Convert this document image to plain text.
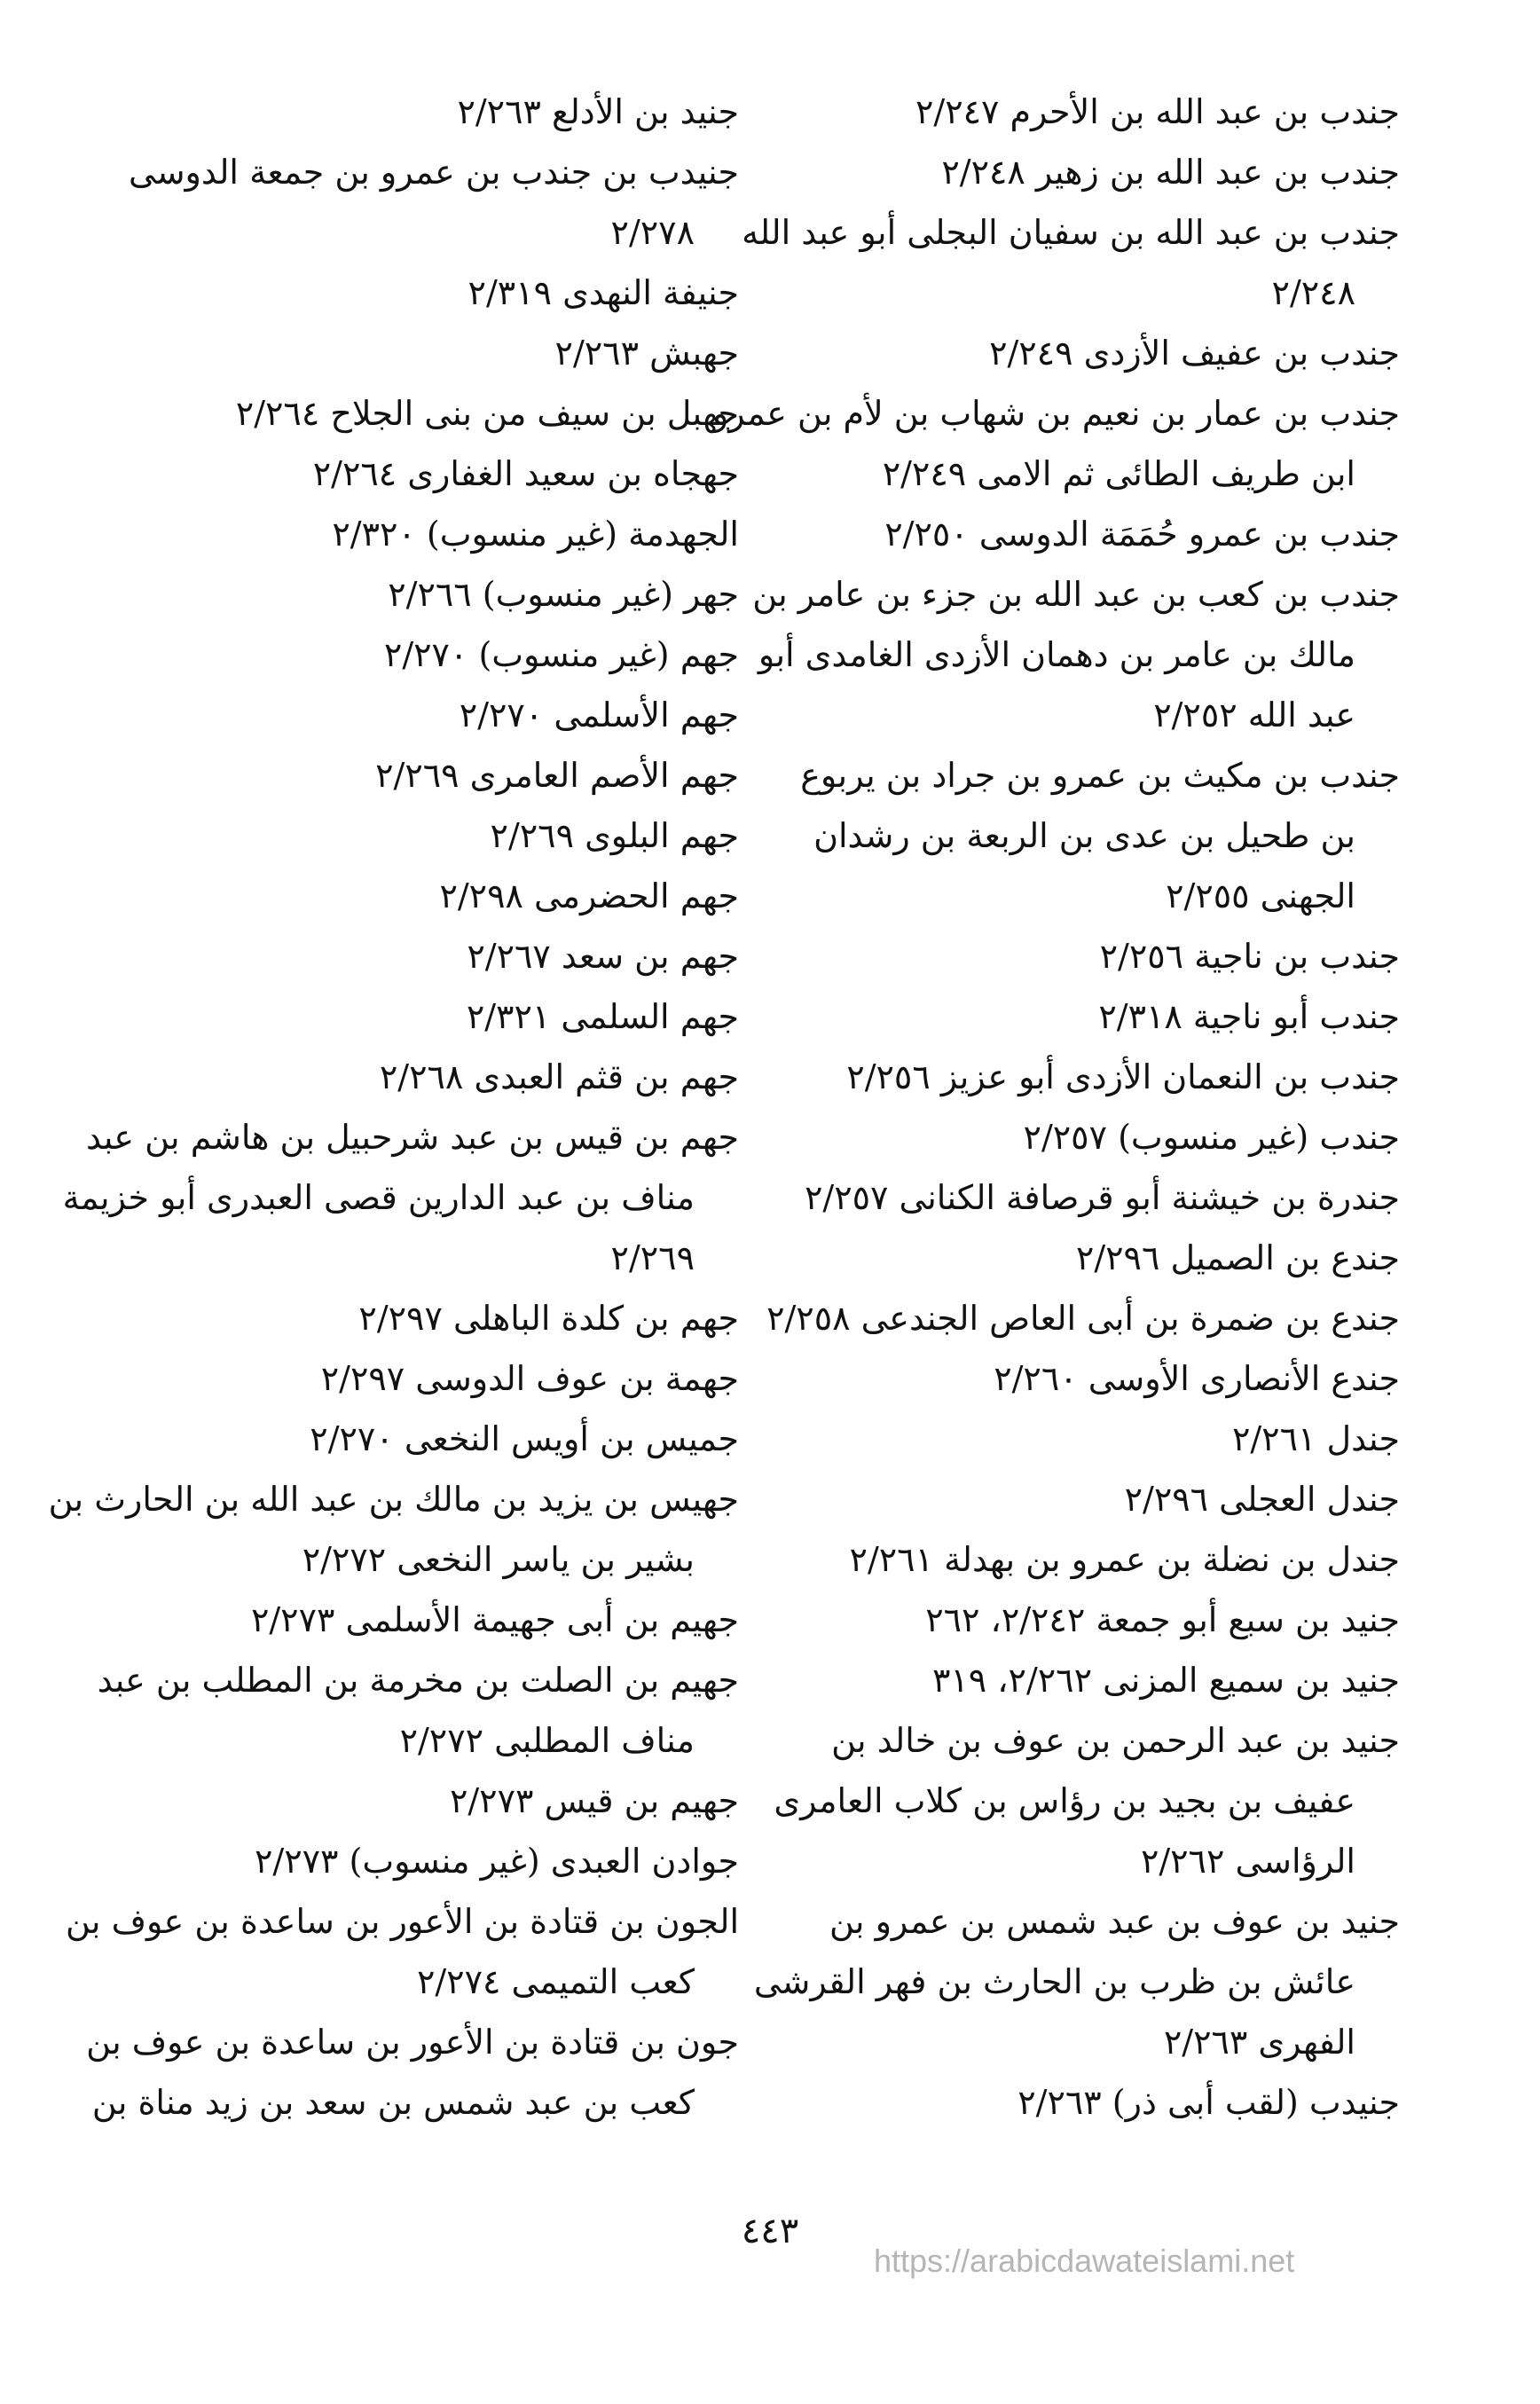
جندب بن عبد الله بن الأحرم ٢/٢٤٧
جندب بن عبد الله بن زهير ٢/٢٤٨
جندب بن عبد الله بن سفيان البجلى أبو عبد الله
٢/٢٤٨
جندب بن عفيف الأزدى ٢/٢٤٩
جندب بن عمار بن نعيم بن شهاب بن لأم بن عمرو
ابن طريف الطائى ثم الامى ٢/٢٤٩
جندب بن عمرو حُمَمَة الدوسى ٢/٢٥٠
جندب بن كعب بن عبد الله بن جزء بن عامر بن
مالك بن عامر بن دهمان الأزدى الغامدى أبو
عبد الله ٢/٢٥٢
جندب بن مكيث بن عمرو بن جراد بن يربوع
بن طحيل بن عدى بن الربعة بن رشدان
الجهنى ٢/٢٥٥
جندب بن ناجية ٢/٢٥٦
جندب أبو ناجية ٢/٣١٨
جندب بن النعمان الأزدى أبو عزيز ٢/٢٥٦
جندب (غير منسوب) ٢/٢٥٧
جندرة بن خيشنة أبو قرصافة الكنانى ٢/٢٥٧
جندع بن الصميل ٢/٢٩٦
جندع بن ضمرة بن أبى العاص الجندعى ٢/٢٥٨
جندع الأنصارى الأوسى ٢/٢٦٠
جندل ٢/٢٦١
جندل العجلى ٢/٢٩٦
جندل بن نضلة بن عمرو بن بهدلة ٢/٢٦١
جنيد بن سبع أبو جمعة ٢/٢٤٢، ٢٦٢
جنيد بن سميع المزنى ٢/٢٦٢، ٣١٩
جنيد بن عبد الرحمن بن عوف بن خالد بن
عفيف بن بجيد بن رؤاس بن كلاب العامرى
الرؤاسى ٢/٢٦٢
جنيد بن عوف بن عبد شمس بن عمرو بن
عائش بن ظرب بن الحارث بن فهر القرشى
الفهرى ٢/٢٦٣
جنيدب (لقب أبى ذر) ٢/٢٦٣
جنيد بن الأدلع ٢/٢٦٣
جنيدب بن جندب بن عمرو بن جمعة الدوسى
٢/٢٧٨
جنيفة النهدى ٢/٣١٩
جهبش ٢/٢٦٣
جهبل بن سيف من بنى الجلاح ٢/٢٦٤
جهجاه بن سعيد الغفارى ٢/٢٦٤
الجهدمة (غير منسوب) ٢/٣٢٠
جهر (غير منسوب) ٢/٢٦٦
جهم (غير منسوب) ٢/٢٧٠
جهم الأسلمى ٢/٢٧٠
جهم الأصم العامرى ٢/٢٦٩
جهم البلوى ٢/٢٦٩
جهم الحضرمى ٢/٢٩٨
جهم بن سعد ٢/٢٦٧
جهم السلمى ٢/٣٢١
جهم بن قثم العبدى ٢/٢٦٨
جهم بن قيس بن عبد شرحبيل بن هاشم بن عبد
مناف بن عبد الدارين قصى العبدرى أبو خزيمة
٢/٢٦٩
جهم بن كلدة الباهلى ٢/٢٩٧
جهمة بن عوف الدوسى ٢/٢٩٧
جميس بن أويس النخعى ٢/٢٧٠
جهيس بن يزيد بن مالك بن عبد الله بن الحارث بن
بشير بن ياسر النخعى ٢/٢٧٢
جهيم بن أبى جهيمة الأسلمى ٢/٢٧٣
جهيم بن الصلت بن مخرمة بن المطلب بن عبد
مناف المطلبى ٢/٢٧٢
جهيم بن قيس ٢/٢٧٣
جوادن العبدى (غير منسوب) ٢/٢٧٣
الجون بن قتادة بن الأعور بن ساعدة بن عوف بن
كعب التميمى ٢/٢٧٤
جون بن قتادة بن الأعور بن ساعدة بن عوف بن
كعب بن عبد شمس بن سعد بن زيد مناة بن
٤٤٣
https://arabicdawateislami.net
